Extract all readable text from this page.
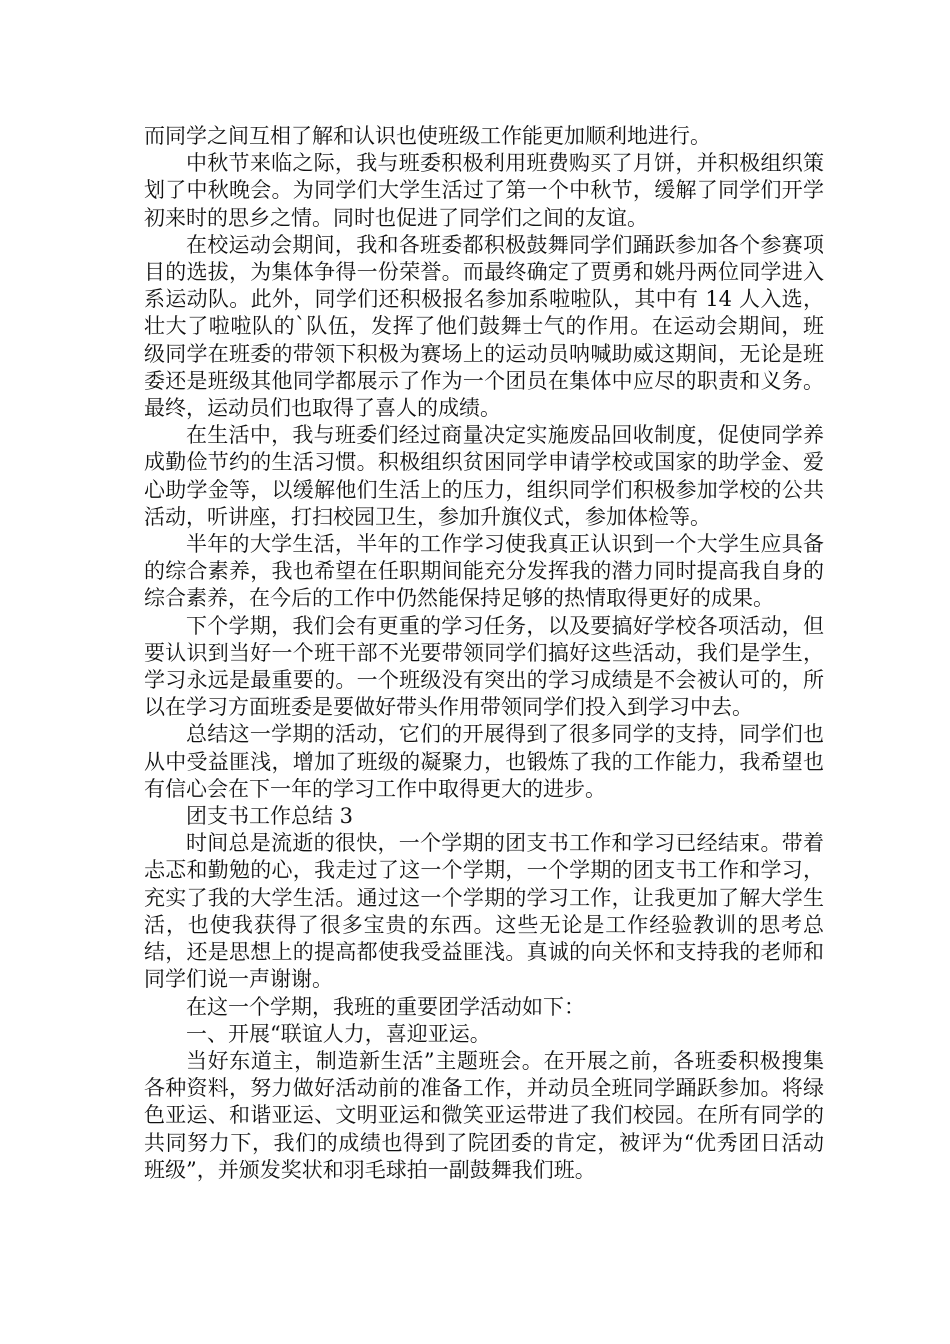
而同学之间互相了解和认识也使班级工作能更加顺利地进行。

中秋节来临之际，我与班委积极利用班费购买了月饼，并积极组织策划了中秋晚会。为同学们大学生活过了第一个中秋节，缓解了同学们开学初来时的思乡之情。同时也促进了同学们之间的友谊。

在校运动会期间，我和各班委都积极鼓舞同学们踊跃参加各个参赛项目的选拔，为集体争得一份荣誉。而最终确定了贾勇和姚丹两位同学进入系运动队。此外，同学们还积极报名参加系啦啦队，其中有 14 人入选，壮大了啦啦队的`队伍，发挥了他们鼓舞士气的作用。在运动会期间，班级同学在班委的带领下积极为赛场上的运动员呐喊助威这期间，无论是班委还是班级其他同学都展示了作为一个团员在集体中应尽的职责和义务。最终，运动员们也取得了喜人的成绩。

在生活中，我与班委们经过商量决定实施废品回收制度，促使同学养成勤俭节约的生活习惯。积极组织贫困同学申请学校或国家的助学金、爱心助学金等，以缓解他们生活上的压力，组织同学们积极参加学校的公共活动，听讲座，打扫校园卫生，参加升旗仪式，参加体检等。

半年的大学生活，半年的工作学习使我真正认识到一个大学生应具备的综合素养，我也希望在任职期间能充分发挥我的潜力同时提高我自身的综合素养，在今后的工作中仍然能保持足够的热情取得更好的成果。

下个学期，我们会有更重的学习任务，以及要搞好学校各项活动，但要认识到当好一个班干部不光要带领同学们搞好这些活动，我们是学生，学习永远是最重要的。一个班级没有突出的学习成绩是不会被认可的，所以在学习方面班委是要做好带头作用带领同学们投入到学习中去。

总结这一学期的活动，它们的开展得到了很多同学的支持，同学们也从中受益匪浅，增加了班级的凝聚力，也锻炼了我的工作能力，我希望也有信心会在下一年的学习工作中取得更大的进步。

团支书工作总结 3

时间总是流逝的很快，一个学期的团支书工作和学习已经结束。带着忐忑和勤勉的心，我走过了这一个学期，一个学期的团支书工作和学习，充实了我的大学生活。通过这一个学期的学习工作，让我更加了解大学生活，也使我获得了很多宝贵的东西。这些无论是工作经验教训的思考总结，还是思想上的提高都使我受益匪浅。真诚的向关怀和支持我的老师和同学们说一声谢谢。

在这一个学期，我班的重要团学活动如下：

一、开展“联谊人力，喜迎亚运。

当好东道主，制造新生活”主题班会。在开展之前，各班委积极搜集各种资料，努力做好活动前的准备工作，并动员全班同学踊跃参加。将绿色亚运、和谐亚运、文明亚运和微笑亚运带进了我们校园。在所有同学的共同努力下，我们的成绩也得到了院团委的肯定，被评为“优秀团日活动班级”，并颁发奖状和羽毛球拍一副鼓舞我们班。
